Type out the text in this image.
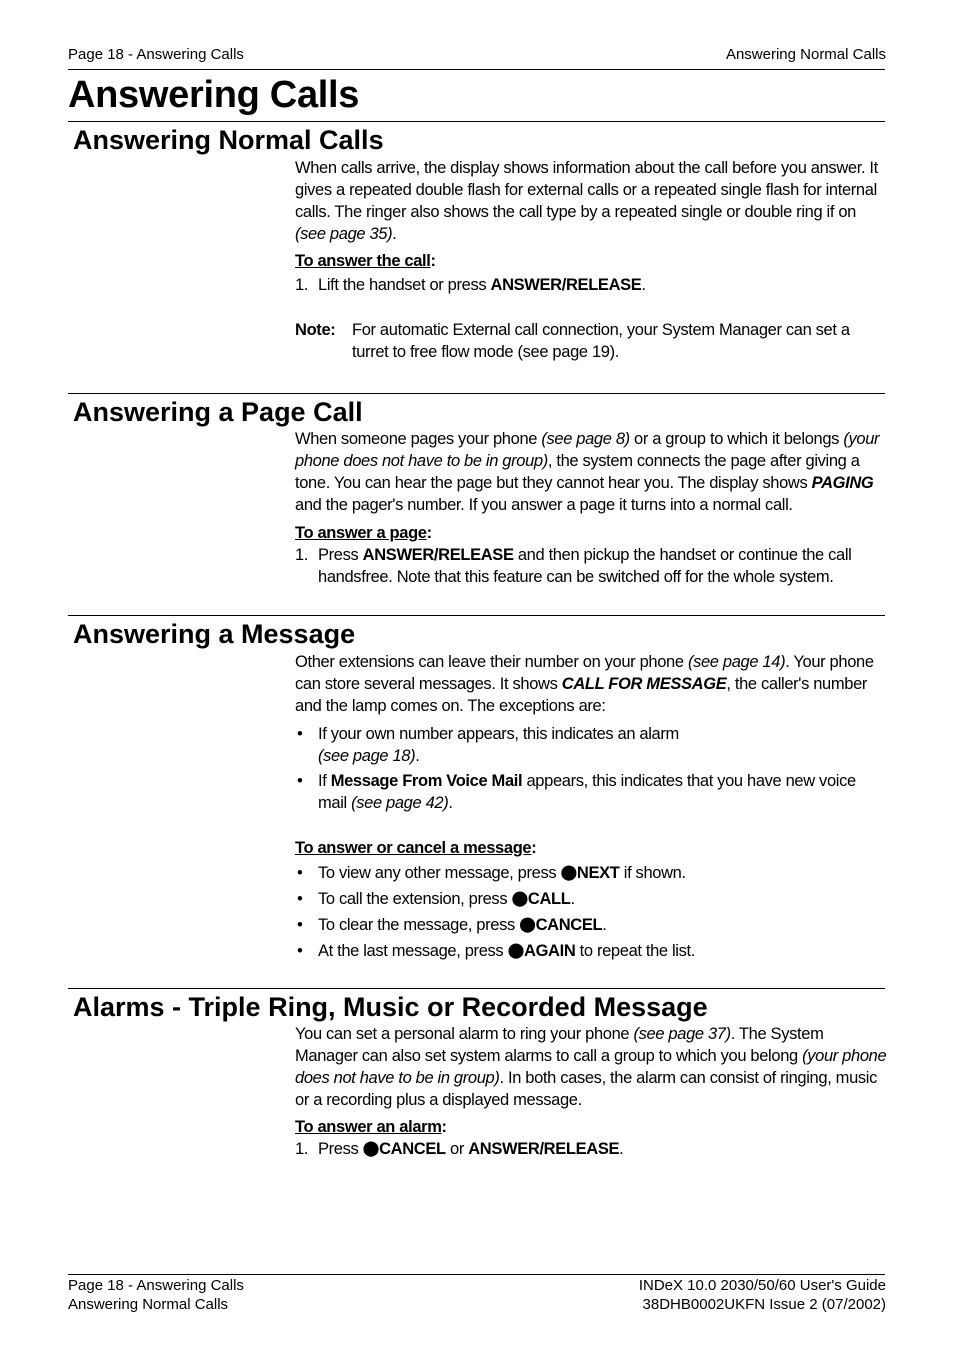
Page 18 - Answering Calls	Answering Normal Calls
Answering Calls
Answering Normal Calls

When calls arrive, the display shows information about the call before you answer. It gives a repeated double flash for external calls or a repeated single flash for internal calls. The ringer also shows the call type by a repeated single or double ring if on (see page 35).

To answer the call:

1. Lift the handset or press ANSWER/RELEASE.
Note: For automatic External call connection, your System Manager can set a turret to free flow mode (see page 19).
Answering a Page Call

When someone pages your phone (see page 8) or a group to which it belongs (your phone does not have to be in group), the system connects the page after giving a tone. You can hear the page but they cannot hear you. The display shows PAGING and the pager's number. If you answer a page it turns into a normal call.

To answer a page:

1. Press ANSWER/RELEASE and then pickup the handset or continue the call handsfree. Note that this feature can be switched off for the whole system.
Answering a Message

Other extensions can leave their number on your phone (see page 14). Your phone can store several messages. It shows CALL FOR MESSAGE, the caller's number and the lamp comes on. The exceptions are:

• If your own number appears, this indicates an alarm
(see page 18).
• If Message From Voice Mail appears, this indicates that you have new voice mail (see page 42).

To answer or cancel a message:

• To view any other message, press ⬤NEXT if shown.
• To call the extension, press ⬤CALL.
• To clear the message, press ⬤CANCEL.
• At the last message, press ⬤AGAIN to repeat the list.
Alarms - Triple Ring, Music or Recorded Message

You can set a personal alarm to ring your phone (see page 37). The System Manager can also set system alarms to call a group to which you belong (your phone does not have to be in group). In both cases, the alarm can consist of ringing, music or a recording plus a displayed message.

To answer an alarm:

1. Press ⬤CANCEL or ANSWER/RELEASE.
Page 18 - Answering Calls
Answering Normal Calls
INDeX 10.0 2030/50/60 User's Guide
38DHB0002UKFN Issue 2 (07/2002)
